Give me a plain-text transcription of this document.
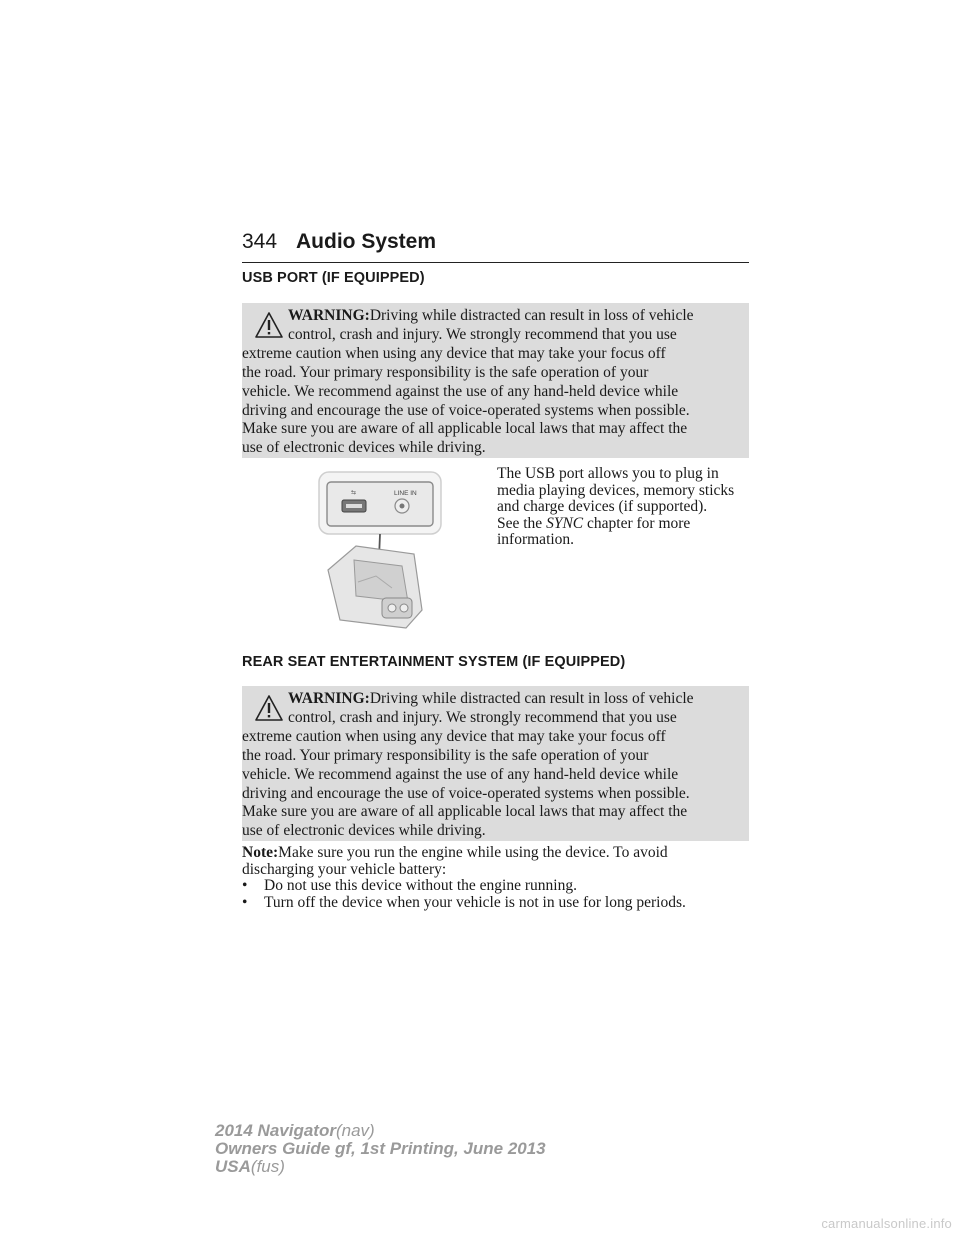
344 Audio System
USB PORT (IF EQUIPPED)

WARNING:Driving while distracted can result in loss of vehicle
control, crash and injury. We strongly recommend that you use
extreme caution when using any device that may take your focus off
the road. Your primary responsibility is the safe operation of your
vehicle. We recommend against the use of any hand-held device while
driving and encourage the use of voice-operated systems when possible.
Make sure you are aware of all applicable local laws that may affect the
use of electronic devices while driving.

⇆	LINE IN
The USB port allows you to plug in
media playing devices, memory sticks
and charge devices (if supported).
See the SYNC chapter for more
information.
REAR SEAT ENTERTAINMENT SYSTEM (IF EQUIPPED)

WARNING:Driving while distracted can result in loss of vehicle
control, crash and injury. We strongly recommend that you use
extreme caution when using any device that may take your focus off
the road. Your primary responsibility is the safe operation of your
vehicle. We recommend against the use of any hand-held device while
driving and encourage the use of voice-operated systems when possible.
Make sure you are aware of all applicable local laws that may affect the
use of electronic devices while driving.

Note:Make sure you run the engine while using the device. To avoid
discharging your vehicle battery:
• Do not use this device without the engine running.
• Turn off the device when your vehicle is not in use for long periods.
2014 Navigator(nav)
Owners Guide gf, 1st Printing, June 2013
USA(fus)
carmanualsonline.info
